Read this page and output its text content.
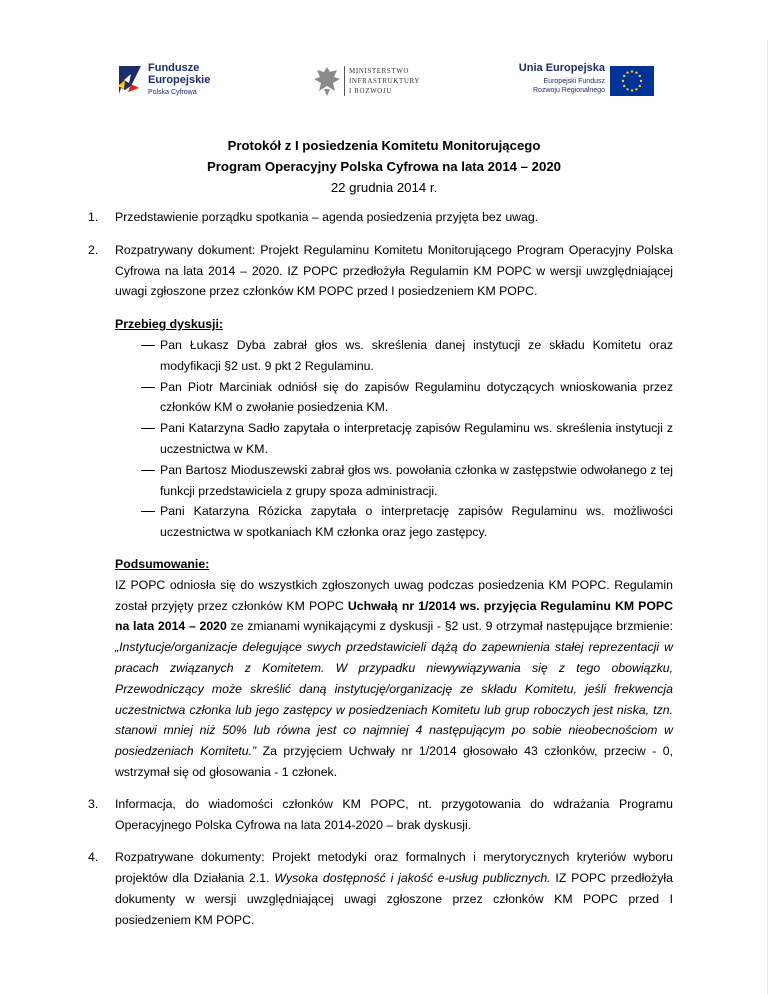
Fundusze
Europejskie
Polska Cyfrowa
MINISTERSTWO
INFRASTRUKTURY
I ROZWOJU
Unia Europejska
Europejski Fundusz
Rozwoju Regionalnego
Protokół z I posiedzenia Komitetu Monitorującego
Program Operacyjny Polska Cyfrowa na lata 2014 – 2020
22 grudnia 2014 r.
1. Przedstawienie porządku spotkania – agenda posiedzenia przyjęta bez uwag.

2. Rozpatrywany dokument: Projekt Regulaminu Komitetu Monitorującego Program Operacyjny Polska Cyfrowa na lata 2014 – 2020. IZ POPC przedłożyła Regulamin KM POPC w wersji uwzględniającej uwagi zgłoszone przez członków KM POPC przed I posiedzeniem KM POPC.

Przebieg dyskusji:
Pan Łukasz Dyba zabrał głos ws. skreślenia danej instytucji ze składu Komitetu oraz modyfikacji §2 ust. 9 pkt 2 Regulaminu.
Pan Piotr Marciniak odniósł się do zapisów Regulaminu dotyczących wnioskowania przez członków KM o zwołanie posiedzenia KM.
Pani Katarzyna Sadło zapytała o interpretację zapisów Regulaminu ws. skreślenia instytucji z uczestnictwa w KM.
Pan Bartosz Mioduszewski zabrał głos ws. powołania członka w zastępstwie odwołanego z tej funkcji przedstawiciela z grupy spoza administracji.
Pani Katarzyna Rózicka zapytała o interpretację zapisów Regulaminu ws. możliwości uczestnictwa w spotkaniach KM członka oraz jego zastępcy.
Podsumowanie:
IZ POPC odniosła się do wszystkich zgłoszonych uwag podczas posiedzenia KM POPC. Regulamin został przyjęty przez członków KM POPC Uchwałą nr 1/2014 ws. przyjęcia Regulaminu KM POPC na lata 2014 – 2020 ze zmianami wynikającymi z dyskusji - §2 ust. 9 otrzymał następujące brzmienie: „Instytucje/organizacje delegujące swych przedstawicieli dążą do zapewnienia stałej reprezentacji w pracach związanych z Komitetem. W przypadku niewywiązywania się z tego obowiązku, Przewodniczący może skreślić daną instytucję/organizację ze składu Komitetu, jeśli frekwencja uczestnictwa członka lub jego zastępcy w posiedzeniach Komitetu lub grup roboczych jest niska, tzn. stanowi mniej niż 50% lub równa jest co najmniej 4 następującym po sobie nieobecnościom w posiedzeniach Komitetu.” Za przyjęciem Uchwały nr 1/2014 głosowało 43 członków, przeciw - 0, wstrzymał się od głosowania - 1 członek.
3. Informacja, do wiadomości członków KM POPC, nt. przygotowania do wdrażania Programu Operacyjnego Polska Cyfrowa na lata 2014-2020 – brak dyskusji.

4. Rozpatrywane dokumenty: Projekt metodyki oraz formalnych i merytorycznych kryteriów wyboru projektów dla Działania 2.1. Wysoka dostępność i jakość e-usług publicznych. IZ POPC przedłożyła dokumenty w wersji uwzględniającej uwagi zgłoszone przez członków KM POPC przed I posiedzeniem KM POPC.
